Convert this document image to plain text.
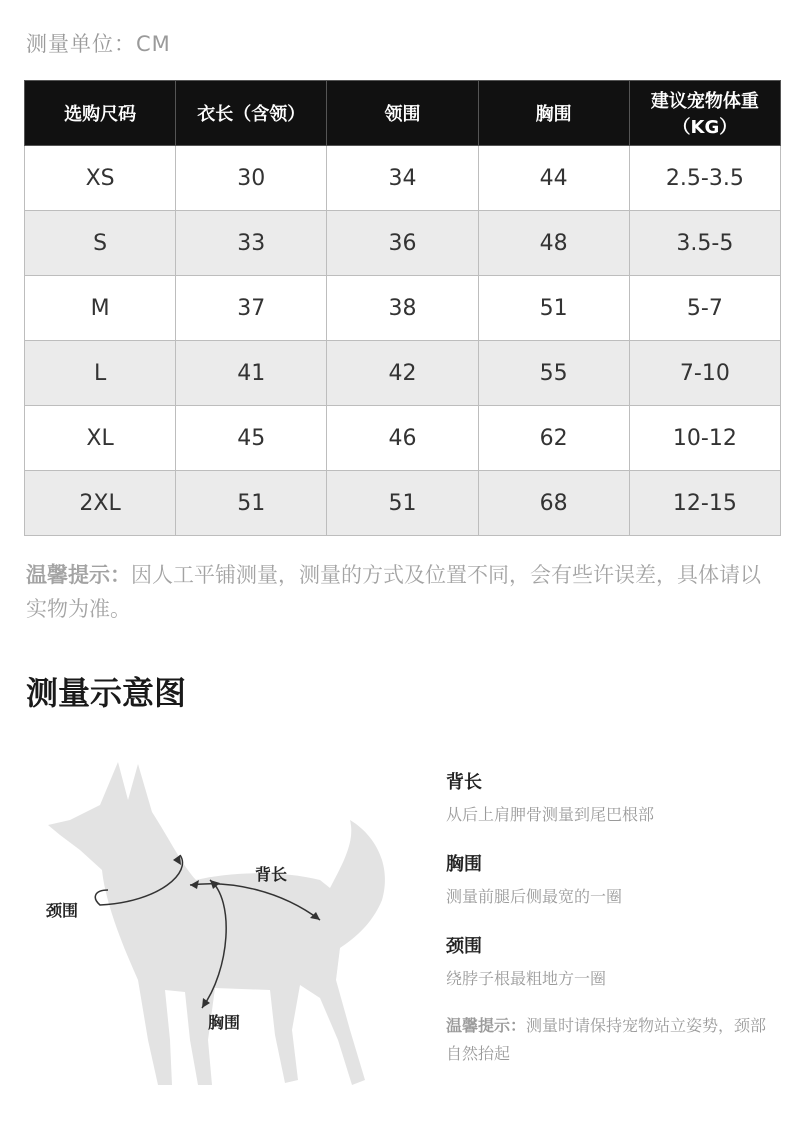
测量单位：CM
选购尺码	衣长（含领）	领围	胸围	建议宠物体重（KG）
XS	30	34	44	2.5-3.5
S	33	36	48	3.5-5
M	37	38	51	5-7
L	41	42	55	7-10
XL	45	46	62	10-12
2XL	51	51	68	12-15
温馨提示：因人工平铺测量，测量的方式及位置不同，会有些许误差，具体请以实物为准。
测量示意图
背长
颈围
胸围
背长
从后上肩胛骨测量到尾巴根部
胸围
测量前腿后侧最宽的一圈
颈围
绕脖子根最粗地方一圈
温馨提示：测量时请保持宠物站立姿势，颈部自然抬起
